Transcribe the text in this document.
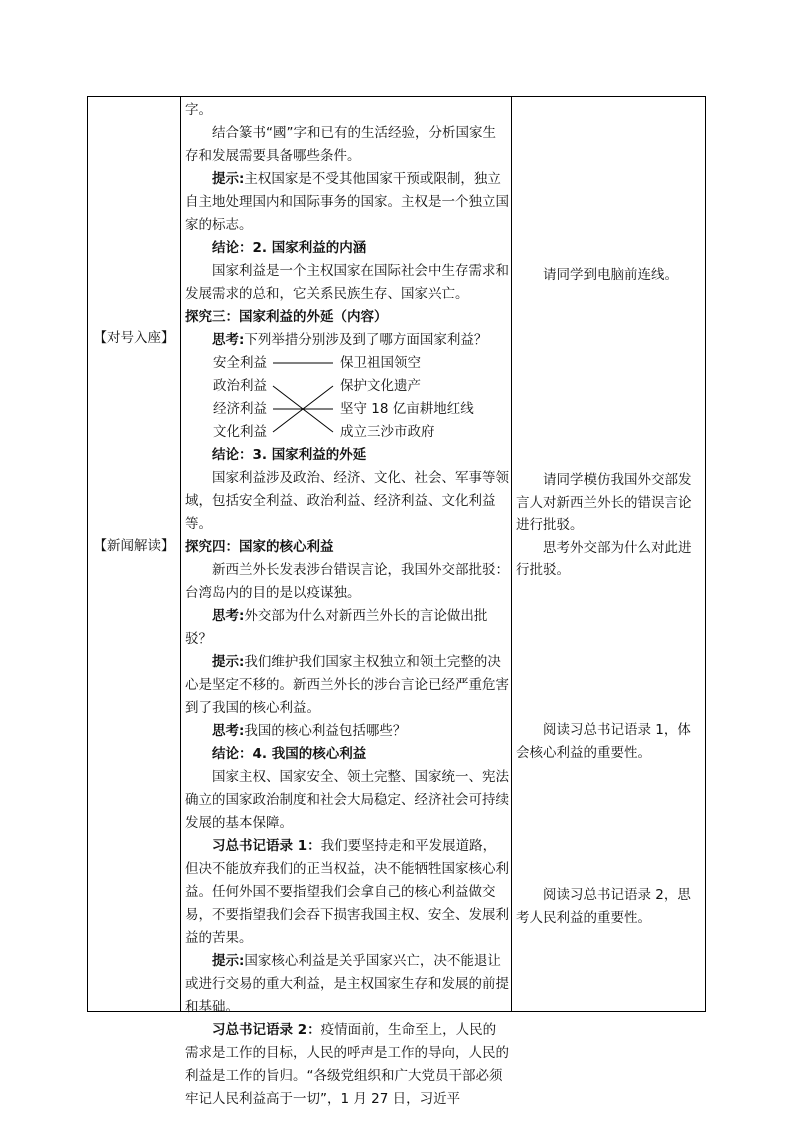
【对号入座】
【新闻解读】

字。

结合篆书“國”字和已有的生活经验，分析国家生存和发展需要具备哪些条件。

提示:主权国家是不受其他国家干预或限制，独立自主地处理国内和国际事务的国家。主权是一个独立国家的标志。

结论：2. 国家利益的内涵

国家利益是一个主权国家在国际社会中生存需求和发展需求的总和，它关系民族生存、国家兴亡。

探究三：国家利益的外延（内容）

思考:下列举措分别涉及到了哪方面国家利益？

安全利益
政治利益
经济利益
文化利益
保卫祖国领空
保护文化遗产
坚守 18 亿亩耕地红线
成立三沙市政府

结论：3. 国家利益的外延

国家利益涉及政治、经济、文化、社会、军事等领域，包括安全利益、政治利益、经济利益、文化利益等。

探究四：国家的核心利益

新西兰外长发表涉台错误言论，我国外交部批驳：台湾岛内的目的是以疫谋独。

思考:外交部为什么对新西兰外长的言论做出批驳？

提示:我们维护我们国家主权独立和领土完整的决心是坚定不移的。新西兰外长的涉台言论已经严重危害到了我国的核心利益。

思考:我国的核心利益包括哪些？

结论：4. 我国的核心利益

国家主权、国家安全、领土完整、国家统一、宪法确立的国家政治制度和社会大局稳定、经济社会可持续发展的基本保障。

习总书记语录 1：我们要坚持走和平发展道路，但决不能放弃我们的正当权益，决不能牺牲国家核心利益。任何外国不要指望我们会拿自己的核心利益做交易，不要指望我们会吞下损害我国主权、安全、发展利益的苦果。

提示:国家核心利益是关乎国家兴亡，决不能退让或进行交易的重大利益，是主权国家生存和发展的前提和基础。

习总书记语录 2：疫情面前，生命至上，人民的需求是工作的目标，人民的呼声是工作的导向，人民的利益是工作的旨归。“各级党组织和广大党员干部必须牢记人民利益高于一切”，1 月 27 日，习近平

请同学到电脑前连线。

请同学模仿我国外交部发言人对新西兰外长的错误言论进行批驳。

思考外交部为什么对此进行批驳。

阅读习总书记语录 1，体会核心利益的重要性。

阅读习总书记语录 2，思考人民利益的重要性。
